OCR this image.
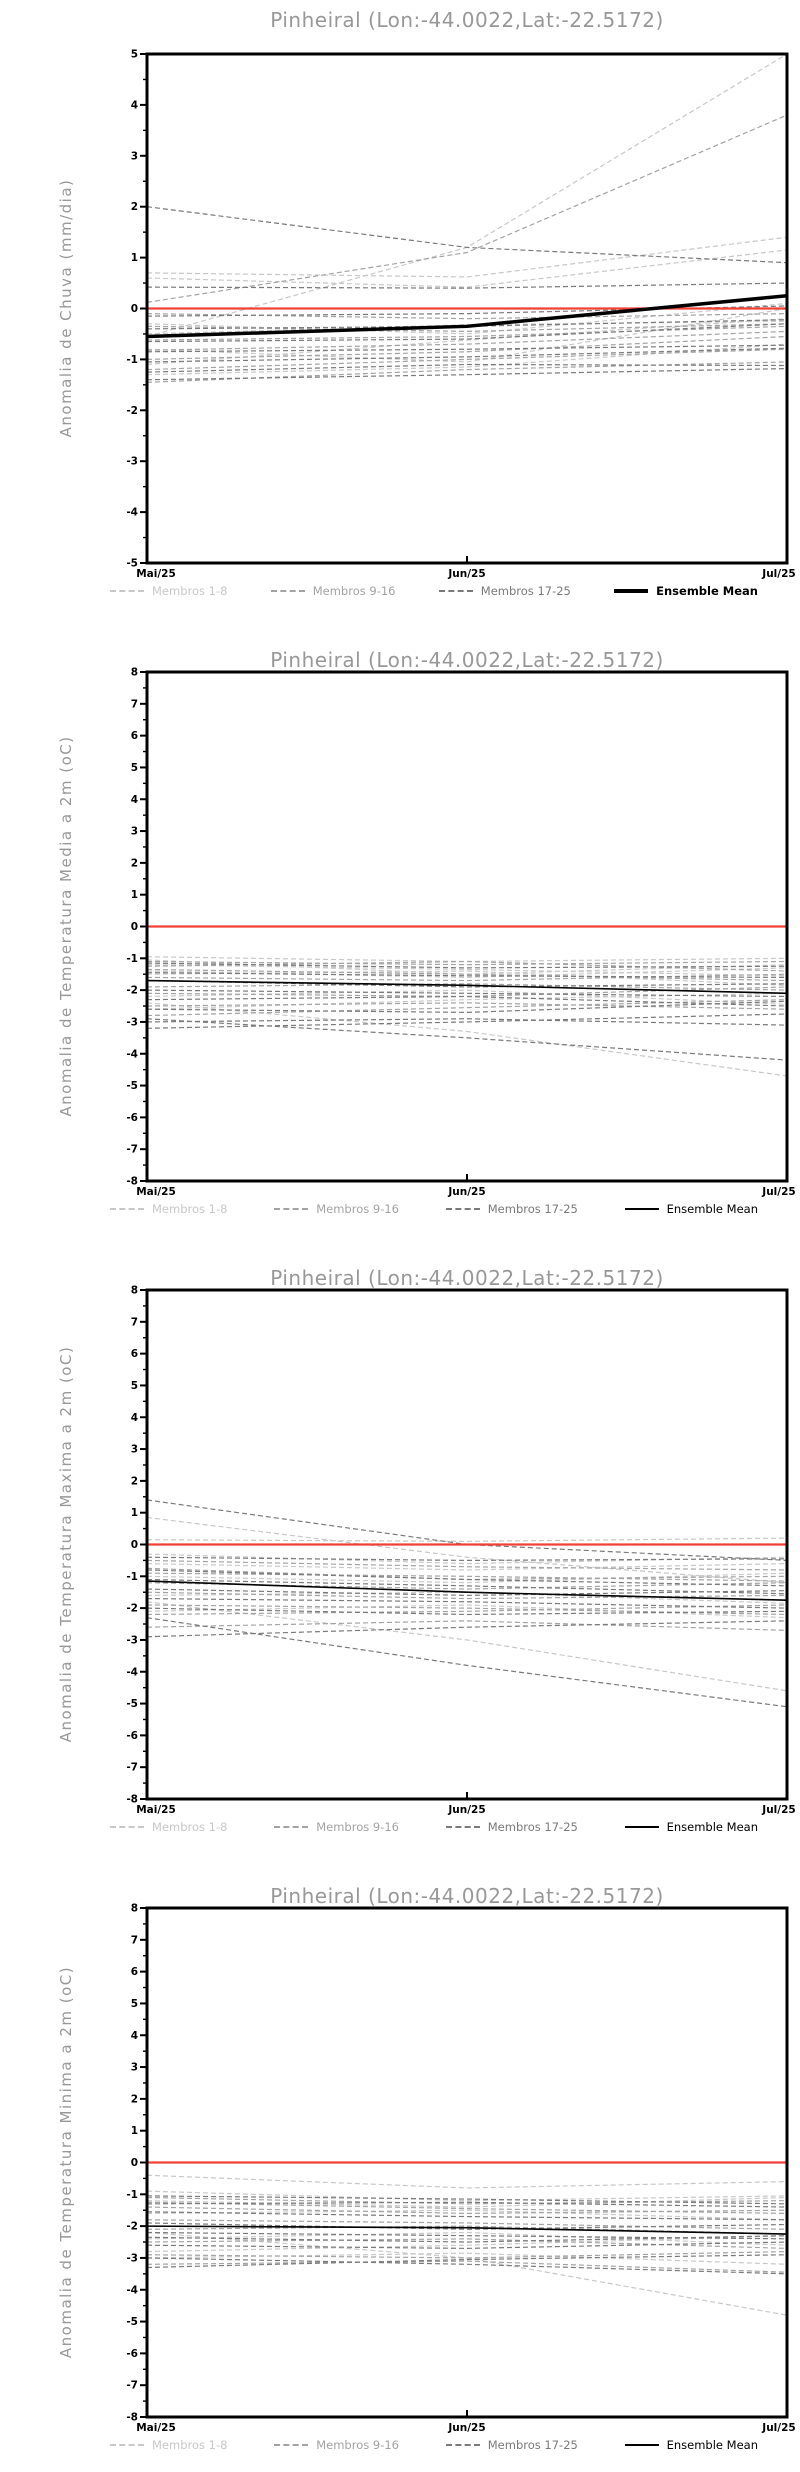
Pinheiral (Lon:-44.0022,Lat:-22.5172)
Anomalia de Chuva (mm/dia)
-5
-4
-3
-2
-1
0
1
2
3
4
5
Mai/25	Jun/25	Jul/25
Membros 1-8	Membros 9-16	Membros 17-25	Ensemble Mean
Pinheiral (Lon:-44.0022,Lat:-22.5172)
Anomalia de Temperatura Media a 2m (oC)
-8
-7
-6
-5
-4
-3
-2
-1
0
1
2
3
4
5
6
7
8
Mai/25	Jun/25	Jul/25
Membros 1-8	Membros 9-16	Membros 17-25	Ensemble Mean
Pinheiral (Lon:-44.0022,Lat:-22.5172)
Anomalia de Temperatura Maxima a 2m (oC)
-8
-7
-6
-5
-4
-3
-2
-1
0
1
2
3
4
5
6
7
8
Mai/25	Jun/25	Jul/25
Membros 1-8	Membros 9-16	Membros 17-25	Ensemble Mean
Pinheiral (Lon:-44.0022,Lat:-22.5172)
Anomalia de Temperatura Minima a 2m (oC)
-8
-7
-6
-5
-4
-3
-2
-1
0
1
2
3
4
5
6
7
8
Mai/25	Jun/25	Jul/25
Membros 1-8	Membros 9-16	Membros 17-25	Ensemble Mean
